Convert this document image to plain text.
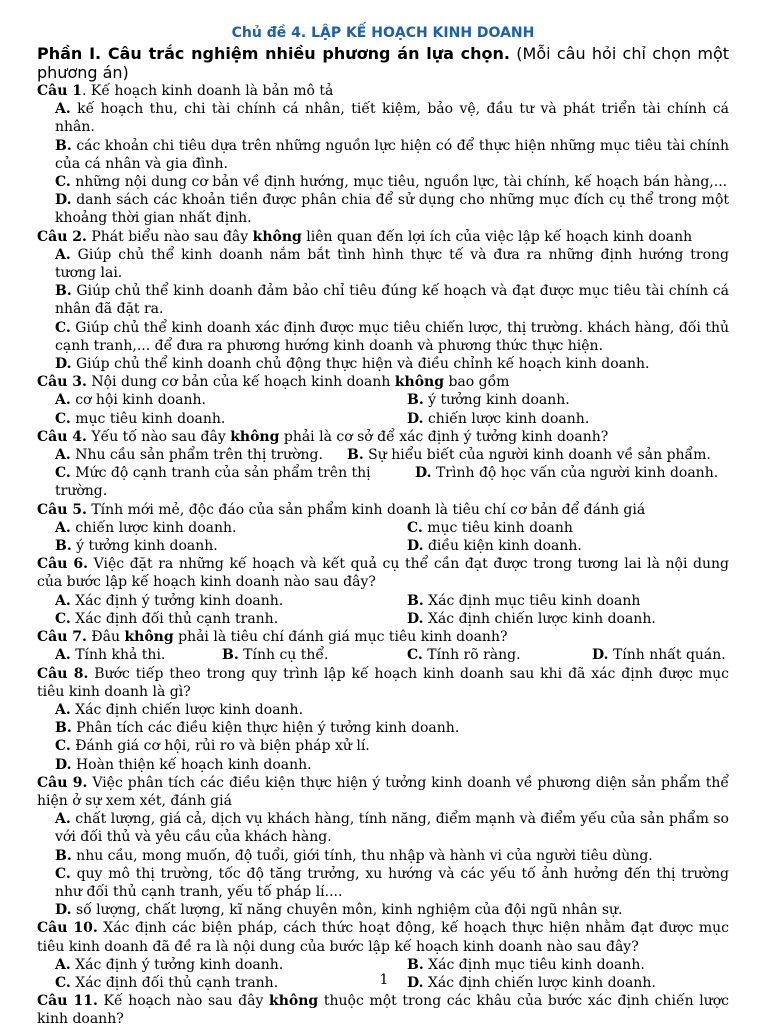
Chủ đề 4. LẬP KẾ HOẠCH KINH DOANH
Phần I. Câu trắc nghiệm nhiều phương án lựa chọn. (Mỗi câu hỏi chỉ chọn một phương án)
Câu 1. Kế hoạch kinh doanh là bản mô tả
A. kế hoạch thu, chi tài chính cá nhân, tiết kiệm, bảo vệ, đầu tư và phát triển tài chính cá nhân.
B. các khoản chi tiêu dựa trên những nguồn lực hiện có để thực hiện những mục tiêu tài chính của cá nhân và gia đình.
C. những nội dung cơ bản về định hướng, mục tiêu, nguồn lực, tài chính, kế hoạch bán hàng,...
D. danh sách các khoản tiền được phân chia để sử dụng cho những mục đích cụ thể trong một khoảng thời gian nhất định.
Câu 2. Phát biểu nào sau đây không liên quan đến lợi ích của việc lập kế hoạch kinh doanh
A. Giúp chủ thể kinh doanh nắm bắt tình hình thực tế và đưa ra những định hướng trong tương lai.
B. Giúp chủ thể kinh doanh đảm bảo chỉ tiêu đúng kế hoạch và đạt được mục tiêu tài chính cá nhân đã đặt ra.
C. Giúp chủ thể kinh doanh xác định được mục tiêu chiến lược, thị trường. khách hàng, đối thủ cạnh tranh,... để đưa ra phương hướng kinh doanh và phương thức thực hiện.
D. Giúp chủ thể kinh doanh chủ động thực hiện và điều chỉnh kế hoạch kinh doanh.
Câu 3. Nội dung cơ bản của kế hoạch kinh doanh không bao gồm
A. cơ hội kinh doanh.	B. ý tưởng kinh doanh.
C. mục tiêu kinh doanh.	D. chiến lược kinh doanh.
Câu 4. Yếu tố nào sau đây không phải là cơ sở để xác định ý tưởng kinh doanh?
A. Nhu cầu sản phẩm trên thị trường.	B. Sự hiểu biết của người kinh doanh về sản phẩm.
C. Mức độ cạnh tranh của sản phẩm trên thị trường.
D. Trình độ học vấn của người kinh doanh.
Câu 5. Tính mới mẻ, độc đáo của sản phẩm kinh doanh là tiêu chí cơ bản để đánh giá
A. chiến lược kinh doanh.	C. mục tiêu kinh doanh
B. ý tưởng kinh doanh.	D. điều kiện kinh doanh.
Câu 6. Việc đặt ra những kế hoạch và kết quả cụ thể cần đạt được trong tương lai là nội dung của bước lập kế hoạch kinh doanh nào sau đây?
A. Xác định ý tưởng kinh doanh.	B. Xác định mục tiêu kinh doanh
C. Xác định đối thủ cạnh tranh.	D. Xác định chiến lược kinh doanh.
Câu 7. Đâu không phải là tiêu chí đánh giá mục tiêu kinh doanh?
A. Tính khả thi.	B. Tính cụ thể.	C. Tính rõ ràng.	D. Tính nhất quán.
Câu 8. Bước tiếp theo trong quy trình lập kế hoạch kinh doanh sau khi đã xác định được mục tiêu kinh doanh là gì?
A. Xác định chiến lược kinh doanh.
B. Phân tích các điều kiện thực hiện ý tưởng kinh doanh.
C. Đánh giá cơ hội, rủi ro và biện pháp xử lí.
D. Hoàn thiện kế hoạch kinh doanh.
Câu 9. Việc phân tích các điều kiện thực hiện ý tưởng kinh doanh về phương diện sản phẩm thể hiện ở sự xem xét, đánh giá
A. chất lượng, giá cả, dịch vụ khách hàng, tính năng, điểm mạnh và điểm yếu của sản phẩm so với đối thủ và yêu cầu của khách hàng.
B. nhu cầu, mong muốn, độ tuổi, giới tính, thu nhập và hành vi của người tiêu dùng.
C. quy mô thị trường, tốc độ tăng trưởng, xu hướng và các yếu tố ảnh hưởng đến thị trường như đối thủ cạnh tranh, yếu tố pháp lí....
D. số lượng, chất lượng, kĩ năng chuyên môn, kinh nghiệm của đội ngũ nhân sự.
Câu 10. Xác định các biện pháp, cách thức hoạt động, kế hoạch thực hiện nhằm đạt được mục tiêu kinh doanh đã đề ra là nội dung của bước lập kế hoạch kinh doanh nào sau đây?
A. Xác định ý tưởng kinh doanh.	B. Xác định mục tiêu kinh doanh.
C. Xác định đối thủ cạnh tranh.	D. Xác định chiến lược kinh doanh.
Câu 11. Kế hoạch nào sau đây không thuộc một trong các khâu của bước xác định chiến lược kinh doanh?
1
